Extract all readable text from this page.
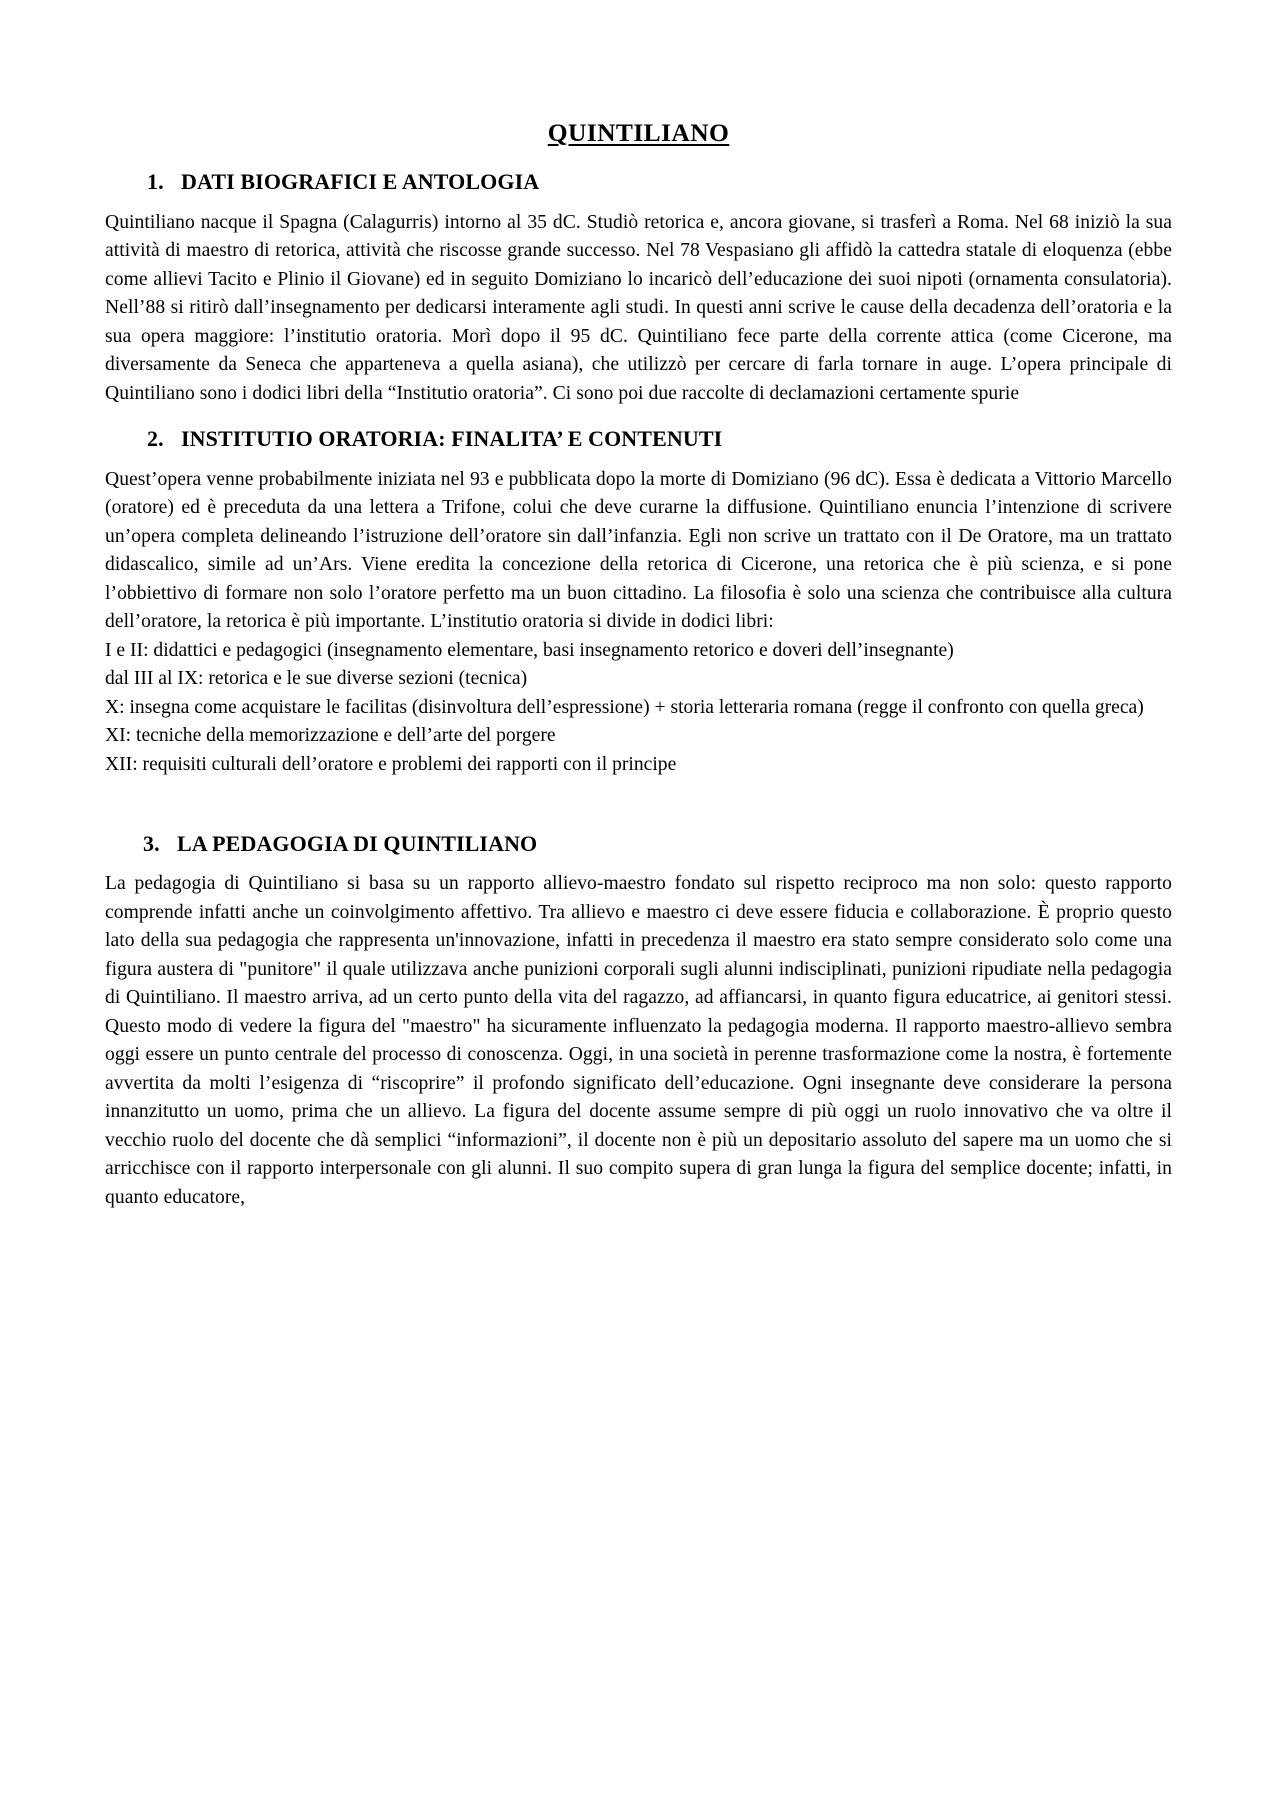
QUINTILIANO
1. DATI BIOGRAFICI E ANTOLOGIA

Quintiliano nacque il Spagna (Calagurris) intorno al 35 dC. Studiò retorica e, ancora giovane, si trasferì a Roma. Nel 68 iniziò la sua attività di maestro di retorica, attività che riscosse grande successo. Nel 78 Vespasiano gli affidò la cattedra statale di eloquenza (ebbe come allievi Tacito e Plinio il Giovane) ed in seguito Domiziano lo incaricò dell’educazione dei suoi nipoti (ornamenta consulatoria). Nell’88 si ritirò dall’insegnamento per dedicarsi interamente agli studi. In questi anni scrive le cause della decadenza dell’oratoria e la sua opera maggiore: l’institutio oratoria. Morì dopo il 95 dC. Quintiliano fece parte della corrente attica (come Cicerone, ma diversamente da Seneca che apparteneva a quella asiana), che utilizzò per cercare di farla tornare in auge. L’opera principale di Quintiliano sono i dodici libri della “Institutio oratoria”. Ci sono poi due raccolte di declamazioni certamente spurie

2. INSTITUTIO ORATORIA: FINALITA’ E CONTENUTI

Quest’opera venne probabilmente iniziata nel 93 e pubblicata dopo la morte di Domiziano (96 dC). Essa è dedicata a Vittorio Marcello (oratore) ed è preceduta da una lettera a Trifone, colui che deve curarne la diffusione. Quintiliano enuncia l’intenzione di scrivere un’opera completa delineando l’istruzione dell’oratore sin dall’infanzia. Egli non scrive un trattato con il De Oratore, ma un trattato didascalico, simile ad un’Ars. Viene eredita la concezione della retorica di Cicerone, una retorica che è più scienza, e si pone l’obbiettivo di formare non solo l’oratore perfetto ma un buon cittadino. La filosofia è solo una scienza che contribuisce alla cultura dell’oratore, la retorica è più importante. L’institutio oratoria si divide in dodici libri:

I e II: didattici e pedagogici (insegnamento elementare, basi insegnamento retorico e doveri dell’insegnante)
dal III al IX: retorica e le sue diverse sezioni (tecnica)
X: insegna come acquistare le facilitas (disinvoltura dell’espressione) + storia letteraria romana (regge il confronto con quella greca)
XI: tecniche della memorizzazione e dell’arte del porgere
XII: requisiti culturali dell’oratore e problemi dei rapporti con il principe
3. LA PEDAGOGIA DI QUINTILIANO

La pedagogia di Quintiliano si basa su un rapporto allievo-maestro fondato sul rispetto reciproco ma non solo: questo rapporto comprende infatti anche un coinvolgimento affettivo. Tra allievo e maestro ci deve essere fiducia e collaborazione. È proprio questo lato della sua pedagogia che rappresenta un'innovazione, infatti in precedenza il maestro era stato sempre considerato solo come una figura austera di "punitore" il quale utilizzava anche punizioni corporali sugli alunni indisciplinati, punizioni ripudiate nella pedagogia di Quintiliano. Il maestro arriva, ad un certo punto della vita del ragazzo, ad affiancarsi, in quanto figura educatrice, ai genitori stessi. Questo modo di vedere la figura del "maestro" ha sicuramente influenzato la pedagogia moderna. Il rapporto maestro-allievo sembra oggi essere un punto centrale del processo di conoscenza. Oggi, in una società in perenne trasformazione come la nostra, è fortemente avvertita da molti l’esigenza di “riscoprire” il profondo significato dell’educazione. Ogni insegnante deve considerare la persona innanzitutto un uomo, prima che un allievo. La figura del docente assume sempre di più oggi un ruolo innovativo che va oltre il vecchio ruolo del docente che dà semplici “informazioni”, il docente non è più un depositario assoluto del sapere ma un uomo che si arricchisce con il rapporto interpersonale con gli alunni. Il suo compito supera di gran lunga la figura del semplice docente; infatti, in quanto educatore,
